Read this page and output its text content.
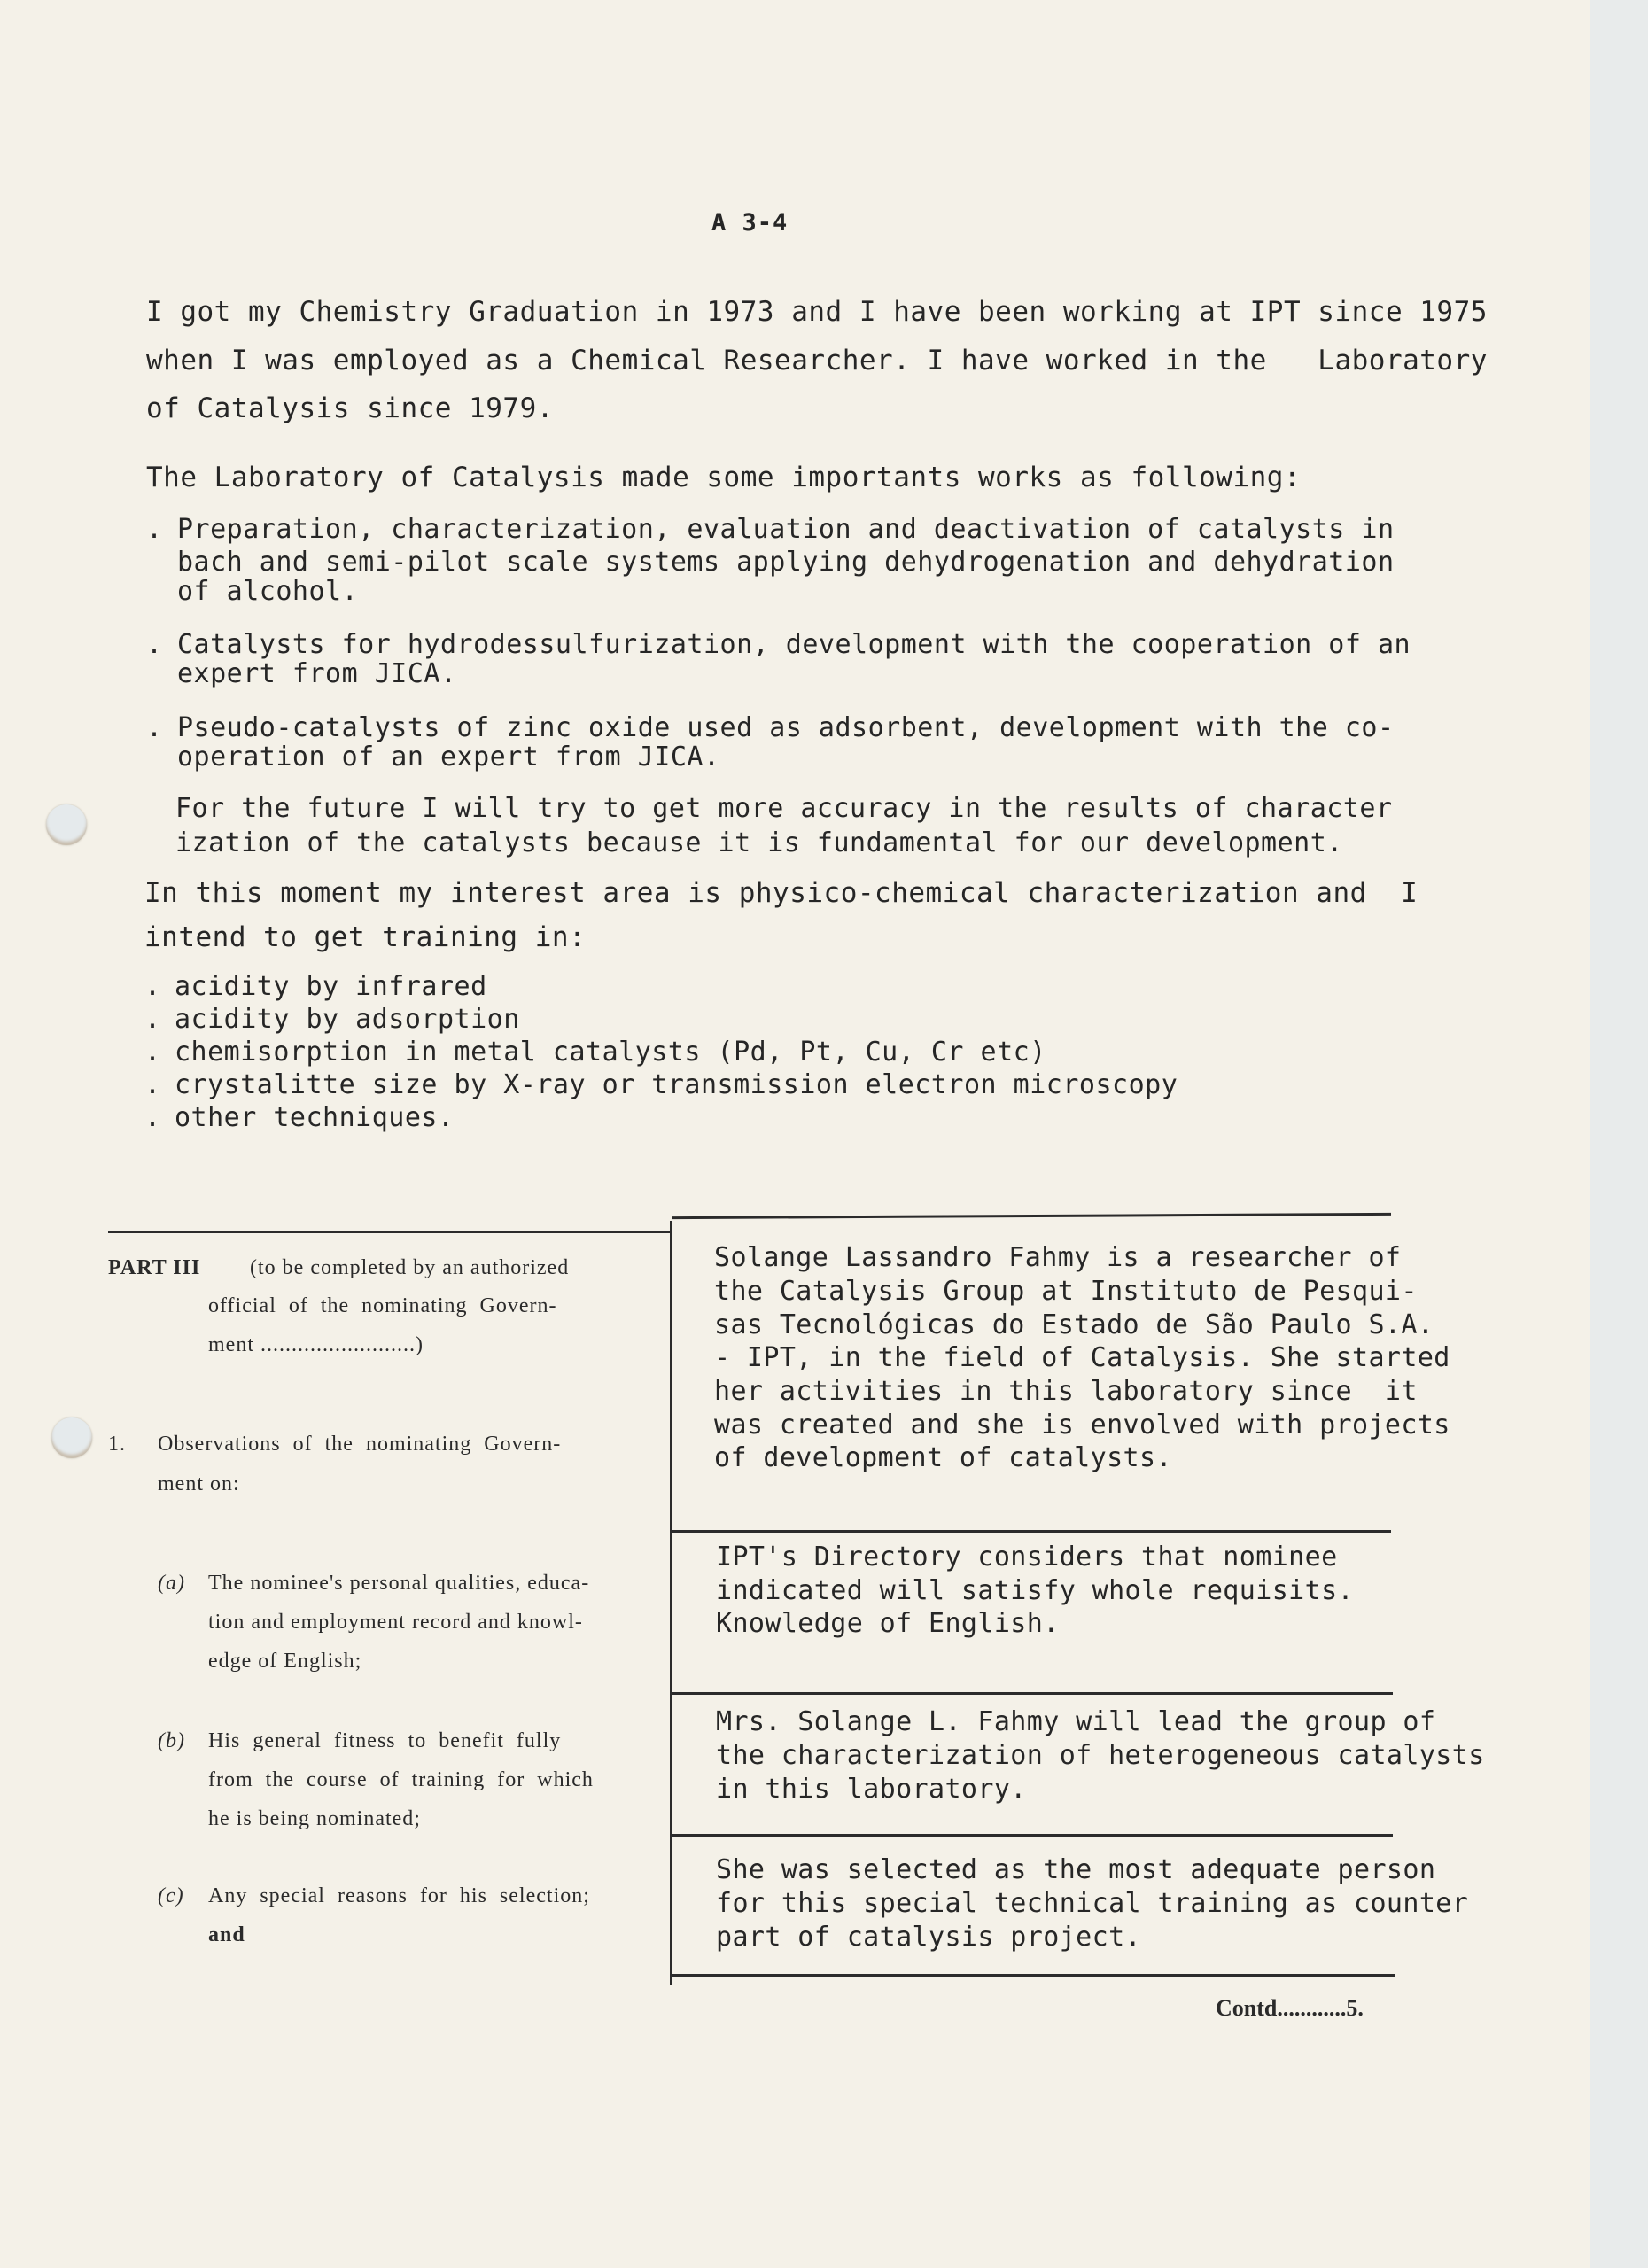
A 3-4
I got my Chemistry Graduation in 1973 and I have been working at IPT since 1975
when I was employed as a Chemical Researcher. I have worked in the   Laboratory
of Catalysis since 1979.
The Laboratory of Catalysis made some importants works as following:
. Preparation, characterization, evaluation and deactivation of catalysts in
bach and semi-pilot scale systems applying dehydrogenation and dehydration
of alcohol.
. Catalysts for hydrodessulfurization, development with the cooperation of an
expert from JICA.
. Pseudo-catalysts of zinc oxide used as adsorbent, development with the co-
operation of an expert from JICA.
For the future I will try to get more accuracy in the results of character
ization of the catalysts because it is fundamental for our development.
In this moment my interest area is physico-chemical characterization and  I
intend to get training in:
. acidity by infrared
. acidity by adsorption
. chemisorption in metal catalysts (Pd, Pt, Cu, Cr etc)
. crystalitte size by X-ray or transmission electron microscopy
. other techniques.
PART III (to be completed by an authorized
official  of  the  nominating  Govern-
ment .........................)
1. Observations  of  the  nominating  Govern-
ment on:
(a) The nominee's personal qualities, educa-
tion and employment record and knowl-
edge of English;
(b) His  general  fitness  to  benefit  fully
from  the  course  of  training  for  which
he is being nominated;
(c) Any  special  reasons  for  his  selection;
and
Solange Lassandro Fahmy is a researcher of
the Catalysis Group at Instituto de Pesqui-
sas Tecnológicas do Estado de São Paulo S.A.
- IPT, in the field of Catalysis. She started
her activities in this laboratory since  it
was created and she is envolved with projects
of development of catalysts.
IPT's Directory considers that nominee
indicated will satisfy whole requisits.
Knowledge of English.
Mrs. Solange L. Fahmy will lead the group of
the characterization of heterogeneous catalysts
in this laboratory.
She was selected as the most adequate person
for this special technical training as counter
part of catalysis project.
Contd............5.
